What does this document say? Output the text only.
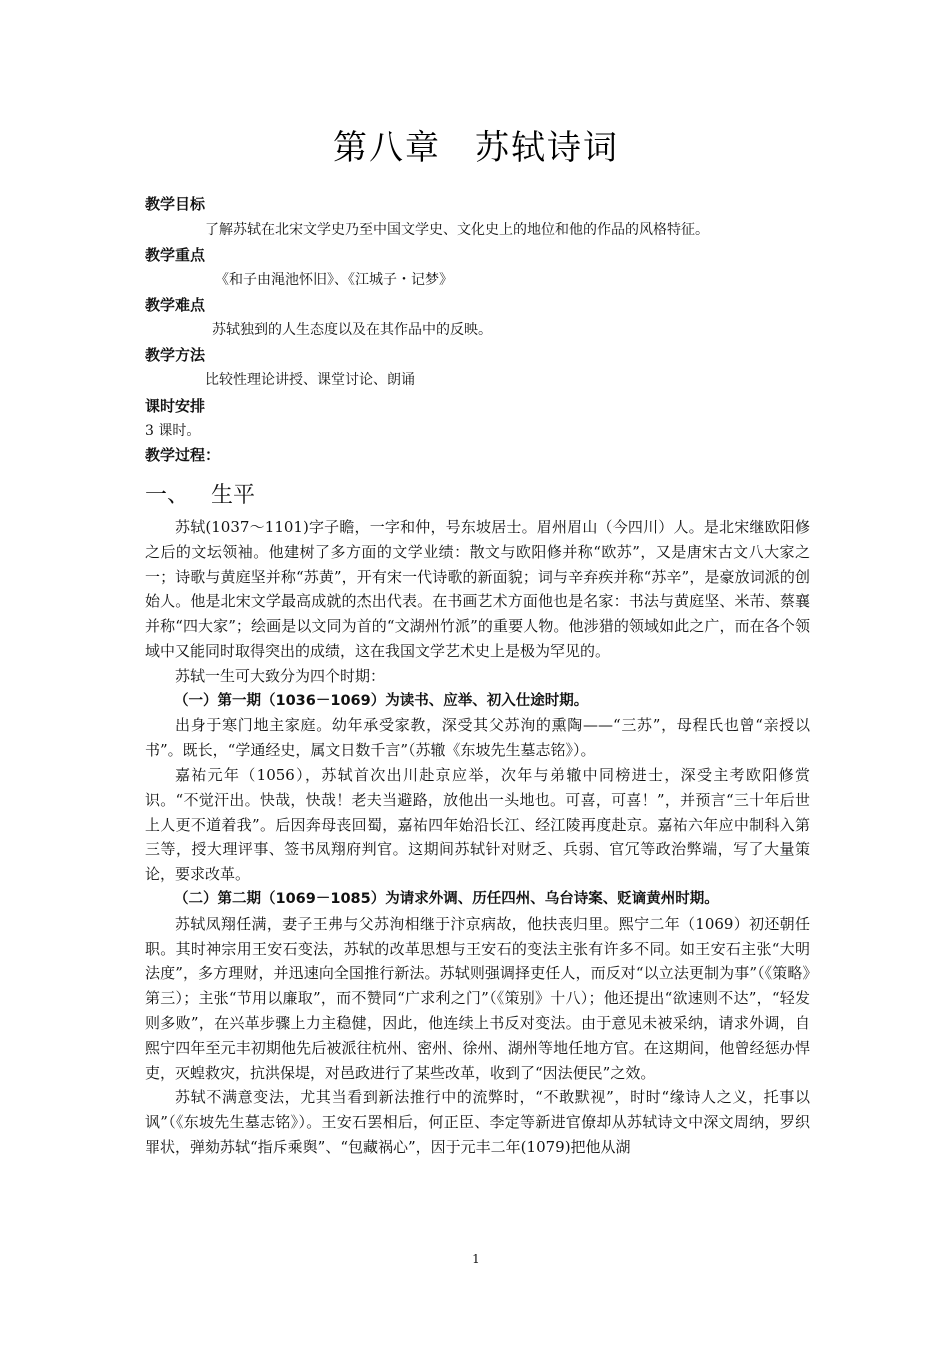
第八章 苏轼诗词
教学目标
了解苏轼在北宋文学史乃至中国文学史、文化史上的地位和他的作品的风格特征。
教学重点
《和子由渑池怀旧》、《江城子・记梦》
教学难点
苏轼独到的人生态度以及在其作品中的反映。
教学方法
比较性理论讲授、课堂讨论、朗诵
课时安排
3 课时。
教学过程：
一、 生平

苏轼(1037～1101)字子瞻，一字和仲，号东坡居士。眉州眉山（今四川）人。是北宋继欧阳修之后的文坛领袖。他建树了多方面的文学业绩：散文与欧阳修并称“欧苏”，又是唐宋古文八大家之一；诗歌与黄庭坚并称“苏黄”，开有宋一代诗歌的新面貌；词与辛弃疾并称“苏辛”，是豪放词派的创始人。他是北宋文学最高成就的杰出代表。在书画艺术方面他也是名家：书法与黄庭坚、米芾、蔡襄并称“四大家”；绘画是以文同为首的“文湖州竹派”的重要人物。他涉猎的领域如此之广，而在各个领域中又能同时取得突出的成绩，这在我国文学艺术史上是极为罕见的。

苏轼一生可大致分为四个时期：

（一）第一期（1036－1069）为读书、应举、初入仕途时期。

出身于寒门地主家庭。幼年承受家教，深受其父苏洵的熏陶——“三苏”，母程氏也曾“亲授以书”。既长，“学通经史，属文日数千言”（苏辙《东坡先生墓志铭》）。

嘉祐元年（1056），苏轼首次出川赴京应举，次年与弟辙中同榜进士，深受主考欧阳修赏识。“不觉汗出。快哉，快哉！老夫当避路，放他出一头地也。可喜，可喜！”，并预言“三十年后世上人更不道着我”。后因奔母丧回蜀，嘉祐四年始沿长江、经江陵再度赴京。嘉祐六年应中制科入第三等，授大理评事、签书凤翔府判官。这期间苏轼针对财乏、兵弱、官冗等政治弊端，写了大量策论，要求改革。

（二）第二期（1069－1085）为请求外调、历任四州、乌台诗案、贬谪黄州时期。

苏轼凤翔任满，妻子王弗与父苏洵相继于汴京病故，他扶丧归里。熙宁二年（1069）初还朝任职。其时神宗用王安石变法，苏轼的改革思想与王安石的变法主张有许多不同。如王安石主张“大明法度”，多方理财，并迅速向全国推行新法。苏轼则强调择吏任人，而反对“以立法更制为事”（《策略》第三）；主张“节用以廉取”，而不赞同“广求利之门”（《策别》十八）；他还提出“欲速则不达”，“轻发则多败”，在兴革步骤上力主稳健，因此，他连续上书反对变法。由于意见未被采纳，请求外调，自熙宁四年至元丰初期他先后被派往杭州、密州、徐州、湖州等地任地方官。在这期间，他曾经惩办悍吏，灭蝗救灾，抗洪保堤，对邑政进行了某些改革，收到了“因法便民”之效。

苏轼不满意变法，尤其当看到新法推行中的流弊时，“不敢默视”，时时“缘诗人之义，托事以讽”（《东坡先生墓志铭》）。王安石罢相后，何正臣、李定等新进官僚却从苏轼诗文中深文周纳，罗织罪状，弹劾苏轼“指斥乘舆”、“包藏祸心”，因于元丰二年(1079)把他从湖

1
